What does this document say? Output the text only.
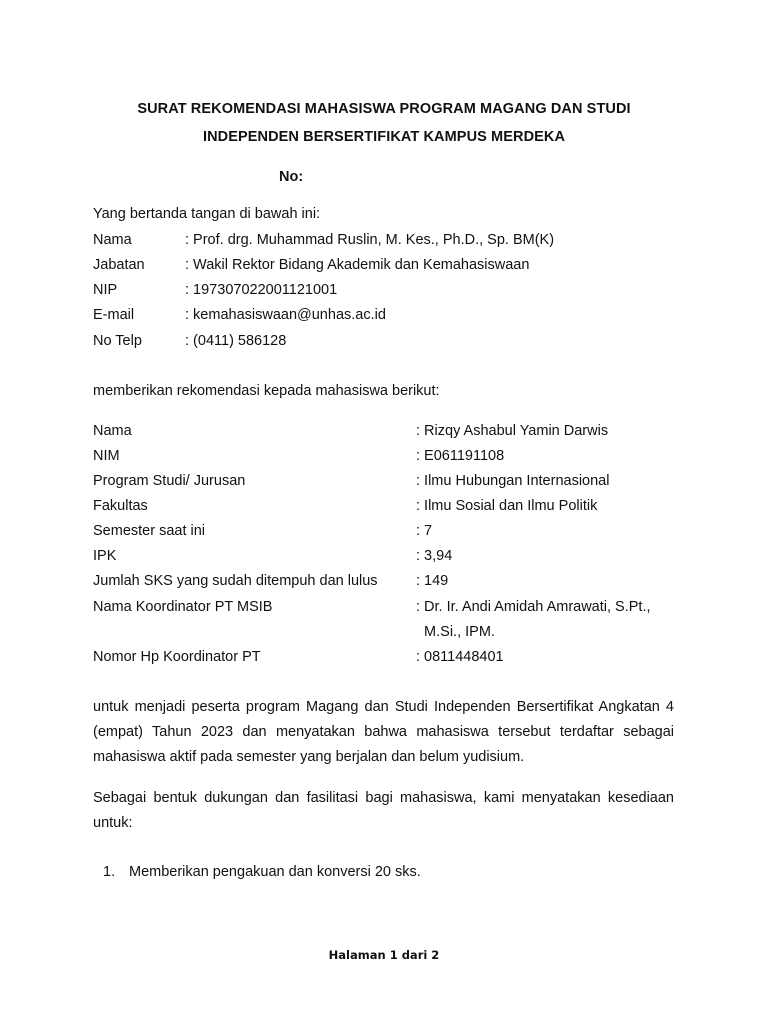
SURAT REKOMENDASI MAHASISWA PROGRAM MAGANG DAN STUDI
INDEPENDEN BERSERTIFIKAT KAMPUS MERDEKA
No:
Yang bertanda tangan di bawah ini:
Nama	: Prof. drg. Muhammad Ruslin, M. Kes., Ph.D., Sp. BM(K)
Jabatan	: Wakil Rektor Bidang Akademik dan Kemahasiswaan
NIP	: 197307022001121001
E-mail	: kemahasiswaan@unhas.ac.id
No Telp	: (0411) 586128
memberikan rekomendasi kepada mahasiswa berikut:
Nama	: Rizqy Ashabul Yamin Darwis
NIM	: E061191108
Program Studi/ Jurusan	: Ilmu Hubungan Internasional
Fakultas	: Ilmu Sosial dan Ilmu Politik
Semester saat ini	: 7
IPK	: 3,94
Jumlah SKS yang sudah ditempuh dan lulus	: 149
Nama Koordinator PT MSIB	: Dr. Ir. Andi Amidah Amrawati, S.Pt.,
M.Si., IPM.
Nomor Hp Koordinator PT	: 0811448401
untuk menjadi peserta program Magang dan Studi Independen Bersertifikat Angkatan 4 (empat) Tahun 2023 dan menyatakan bahwa mahasiswa tersebut terdaftar sebagai mahasiswa aktif pada semester yang berjalan dan belum yudisium.
Sebagai bentuk dukungan dan fasilitasi bagi mahasiswa, kami menyatakan kesediaan untuk:
1. Memberikan pengakuan dan konversi 20 sks.
Halaman 1 dari 2
